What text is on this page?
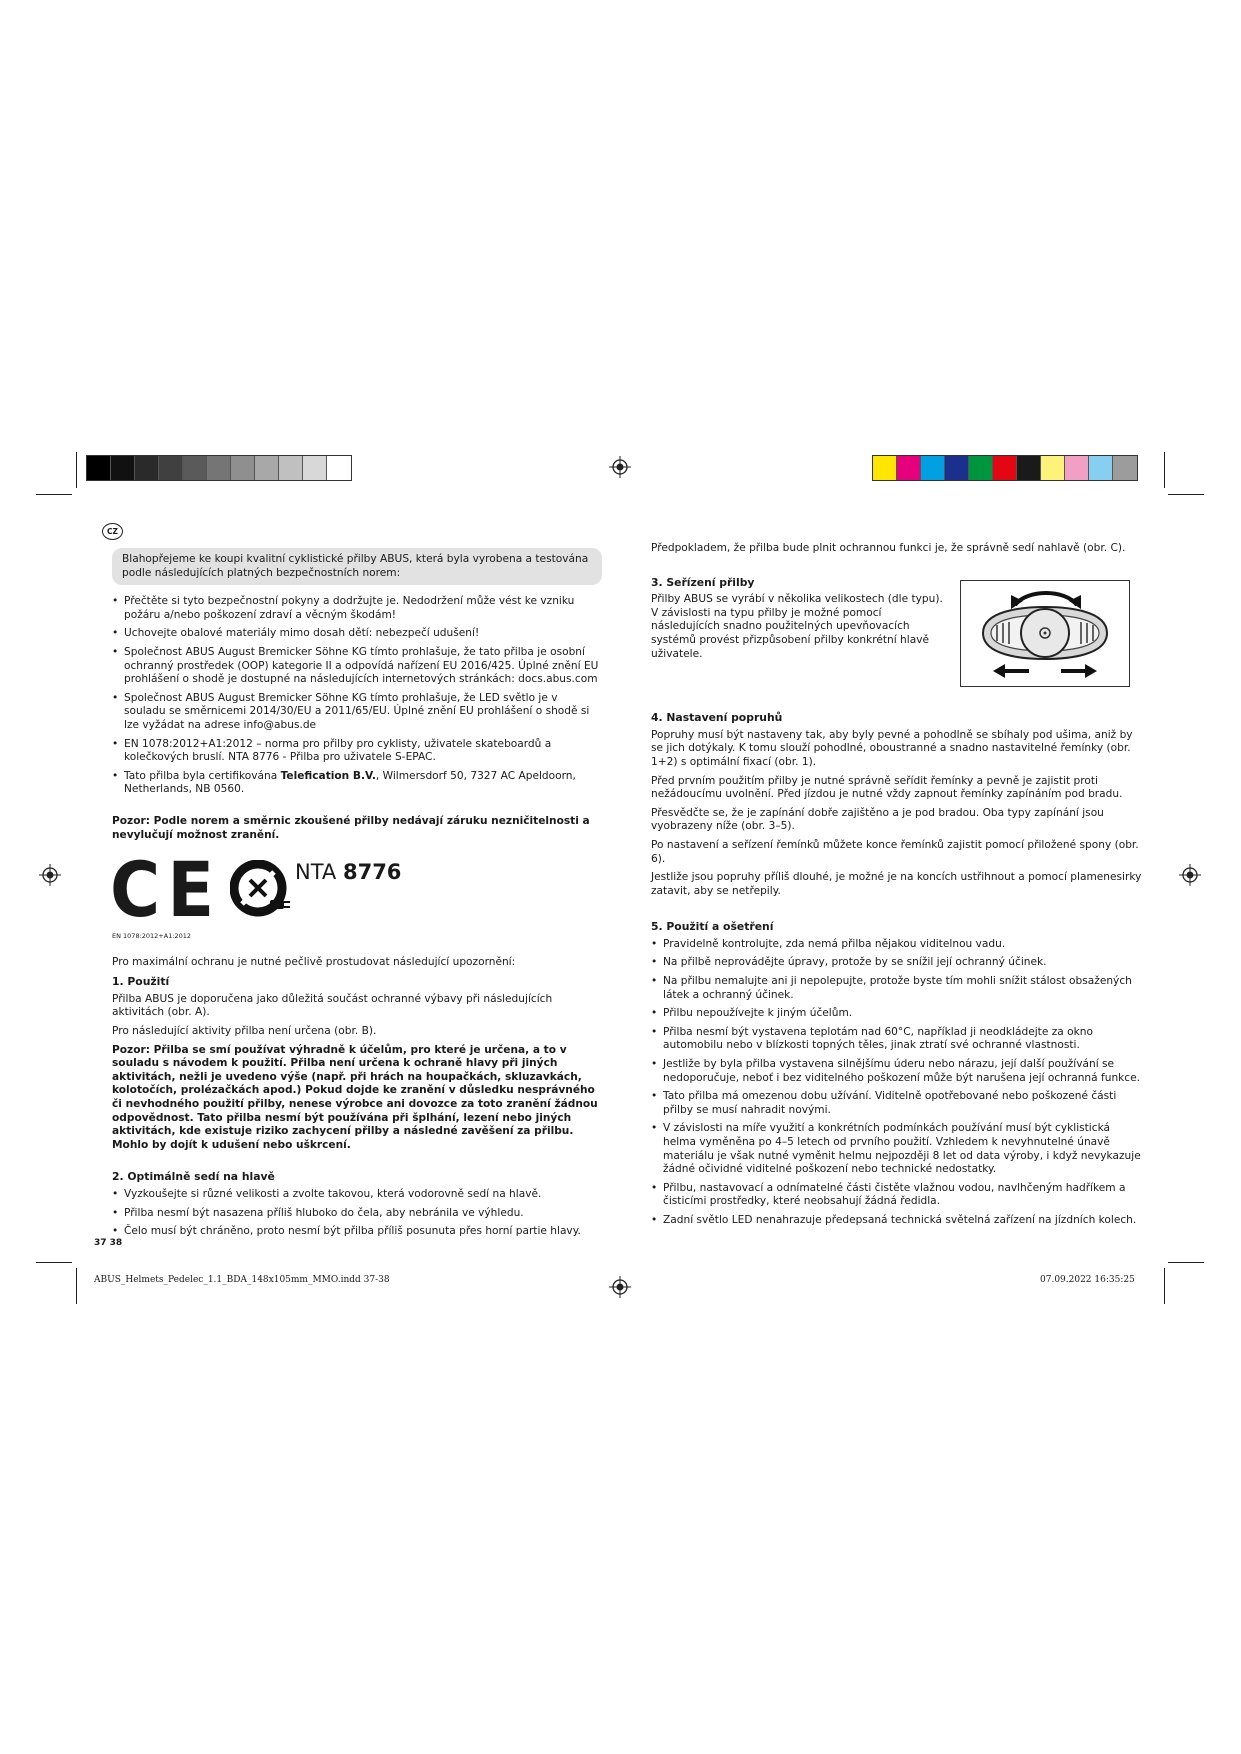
CZ

Blahopřejeme ke koupi kvalitní cyklistické přilby ABUS, která byla vyrobena a testována podle následujících platných bezpečnostních norem:

• Přečtěte si tyto bezpečnostní pokyny a dodržujte je. Nedodržení může vést ke vzniku požáru a/nebo poškození zdraví a věcným škodám!
• Uchovejte obalové materiály mimo dosah dětí: nebezpečí udušení!
• Společnost ABUS August Bremicker Söhne KG tímto prohlašuje, že tato přilba je osobní ochranný prostředek (OOP) kategorie II a odpovídá nařízení EU 2016/425. Úplné znění EU prohlášení o shodě je dostupné na následujících internetových stránkách: docs.abus.com
• Společnost ABUS August Bremicker Söhne KG tímto prohlašuje, že LED světlo je v souladu se směrnicemi 2014/30/EU a 2011/65/EU. Úplné znění EU prohlášení o shodě si lze vyžádat na adrese info@abus.de
• EN 1078:2012+A1:2012 – norma pro přilby pro cyklisty, uživatele skateboardů a kolečkových bruslí. NTA 8776 - Přilba pro uživatele S-EPAC.
• Tato přilba byla certifikována Telefication B.V., Wilmersdorf 50, 7327 AC Apeldoorn, Netherlands, NB 0560.

Pozor: Podle norem a směrnic zkoušené přilby nedávají záruku nezničitelnosti a nevylučují možnost zranění.

CE	NTA 8776
EN 1078:2012+A1:2012

Pro maximální ochranu je nutné pečlivě prostudovat následující upozornění:

1. Použití

Přilba ABUS je doporučena jako důležitá součást ochranné výbavy při následujících aktivitách (obr. A).

Pro následující aktivity přilba není určena (obr. B).

Pozor: Přilba se smí používat výhradně k účelům, pro které je určena, a to v souladu s návodem k použití. Přilba není určena k ochraně hlavy při jiných aktivitách, nežli je uvedeno výše (např. při hrách na houpačkách, skluzavkách, kolotočích, prolézačkách apod.) Pokud dojde ke zranění v důsledku nesprávného či nevhodného použití přilby, nenese výrobce ani dovozce za toto zranění žádnou odpovědnost. Tato přilba nesmí být používána při šplhání, lezení nebo jiných aktivitách, kde existuje riziko zachycení přilby a následné zavěšení za přilbu. Mohlo by dojít k udušení nebo uškrcení.

2. Optimálně sedí na hlavě
• Vyzkoušejte si různé velikosti a zvolte takovou, která vodorovně sedí na hlavě.
• Přilba nesmí být nasazena příliš hluboko do čela, aby nebránila ve výhledu.
• Čelo musí být chráněno, proto nesmí být přilba příliš posunuta přes horní partie hlavy.

Předpokladem, že přilba bude plnit ochrannou funkci je, že správně sedí nahlavě (obr. C).

3. Seřízení přilby

Přilby ABUS se vyrábí v několika velikostech (dle typu). V závislosti na typu přilby je možné pomocí následujících snadno použitelných upevňovacích systémů provést přizpůsobení přilby konkrétní hlavě uživatele.

4. Nastavení popruhů

Popruhy musí být nastaveny tak, aby byly pevné a pohodlně se sbíhaly pod ušima, aniž by se jich dotýkaly. K tomu slouží pohodlné, oboustranné a snadno nastavitelné řemínky (obr. 1+2) s optimální fixací (obr. 1).

Před prvním použitím přilby je nutné správně seřídit řemínky a pevně je zajistit proti nežádoucímu uvolnění. Před jízdou je nutné vždy zapnout řemínky zapínáním pod bradu.

Přesvědčte se, že je zapínání dobře zajištěno a je pod bradou. Oba typy zapínání jsou vyobrazeny níže (obr. 3–5).

Po nastavení a seřízení řemínků můžete konce řemínků zajistit pomocí přiložené spony (obr. 6).

Jestliže jsou popruhy příliš dlouhé, je možné je na koncích ustřihnout a pomocí plamenesirky zatavit, aby se netřepily.

5. Použití a ošetření
• Pravidelně kontrolujte, zda nemá přilba nějakou viditelnou vadu.
• Na přilbě neprovádějte úpravy, protože by se snížil její ochranný účinek.
• Na přilbu nemalujte ani ji nepolepujte, protože byste tím mohli snížit stálost obsažených látek a ochranný účinek.
• Přilbu nepoužívejte k jiným účelům.
• Přilba nesmí být vystavena teplotám nad 60°C, například ji neodkládejte za okno automobilu nebo v blízkosti topných těles, jinak ztratí své ochranné vlastnosti.
• Jestliže by byla přilba vystavena silnějšímu úderu nebo nárazu, její další používání se nedoporučuje, neboť i bez viditelného poškození může být narušena její ochranná funkce.
• Tato přilba má omezenou dobu užívání. Viditelně opotřebované nebo poškozené části přilby se musí nahradit novými.
• V závislosti na míře využití a konkrétních podmínkách používání musí být cyklistická helma vyměněna po 4–5 letech od prvního použití. Vzhledem k nevyhnutelné únavě materiálu je však nutné vyměnit helmu nejpozději 8 let od data výroby, i když nevykazuje žádné očividné viditelné poškození nebo technické nedostatky.
• Přilbu, nastavovací a odnímatelné části čistěte vlažnou vodou, navlhčeným hadříkem a čisticími prostředky, které neobsahují žádná ředidla.
• Zadní světlo LED nenahrazuje předepsaná technická světelná zařízení na jízdních kolech.
37 38
ABUS_Helmets_Pedelec_1.1_BDA_148x105mm_MMO.indd 37-38	07.09.2022 16:35:25
